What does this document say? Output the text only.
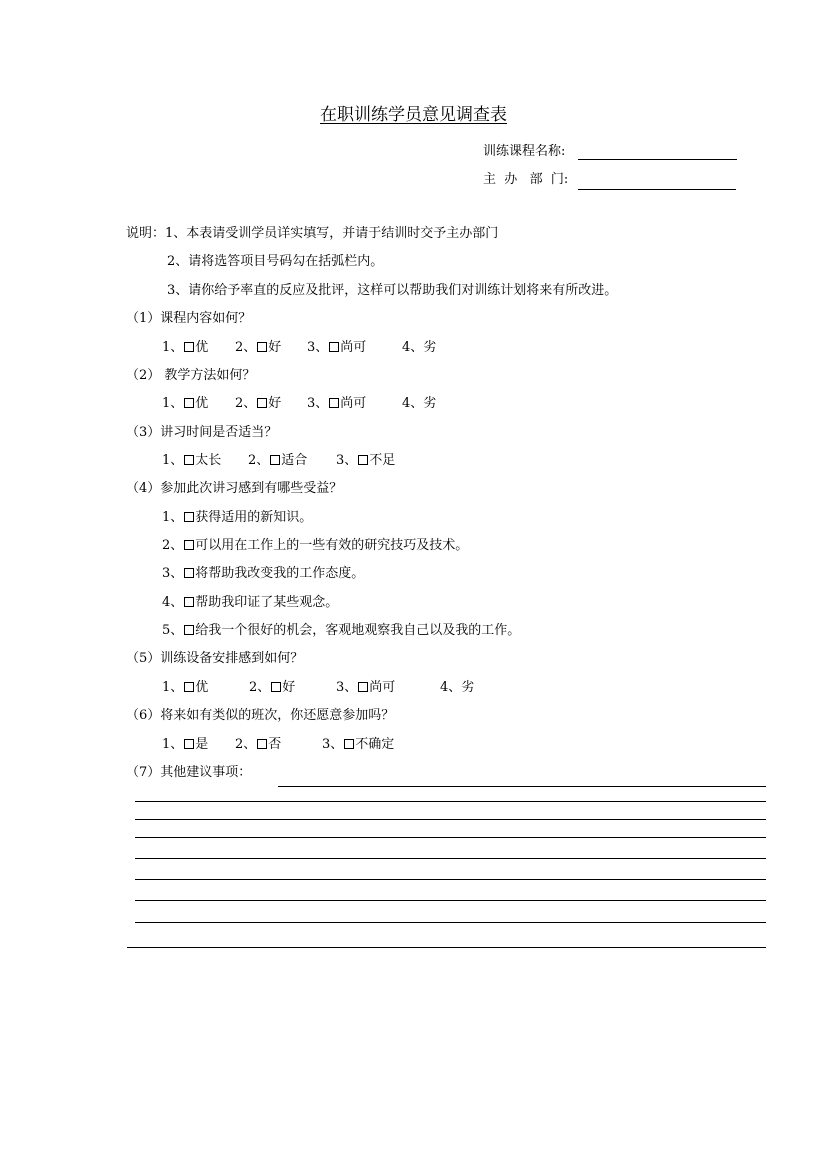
在职训练学员意见调查表
训练课程名称:
主  办   部  门:
说明：1、本表请受训学员详实填写，并请于结训时交予主办部门
2、请将选答项目号码勾在括弧栏内。
3、请你给予率直的反应及批评，这样可以帮助我们对训练计划将来有所改进。
（1）课程内容如何？
1、 优 2、 好 3、 尚可	4、劣
（2） 教学方法如何？
1、 优 2、 好 3、 尚可	4、劣
（3）讲习时间是否适当？
1、 太长 2、 适合 3、 不足
（4）参加此次讲习感到有哪些受益？
1、 获得适用的新知识。
2、 可以用在工作上的一些有效的研究技巧及技术。
3、 将帮助我改变我的工作态度。
4、 帮助我印证了某些观念。
5、 给我一个很好的机会，客观地观察我自己以及我的工作。
（5）训练设备安排感到如何？
1、 优	2、 好	3、 尚可	4、劣
（6）将来如有类似的班次，你还愿意参加吗？
1、 是 2、 否	3、 不确定
（7）其他建议事项：
